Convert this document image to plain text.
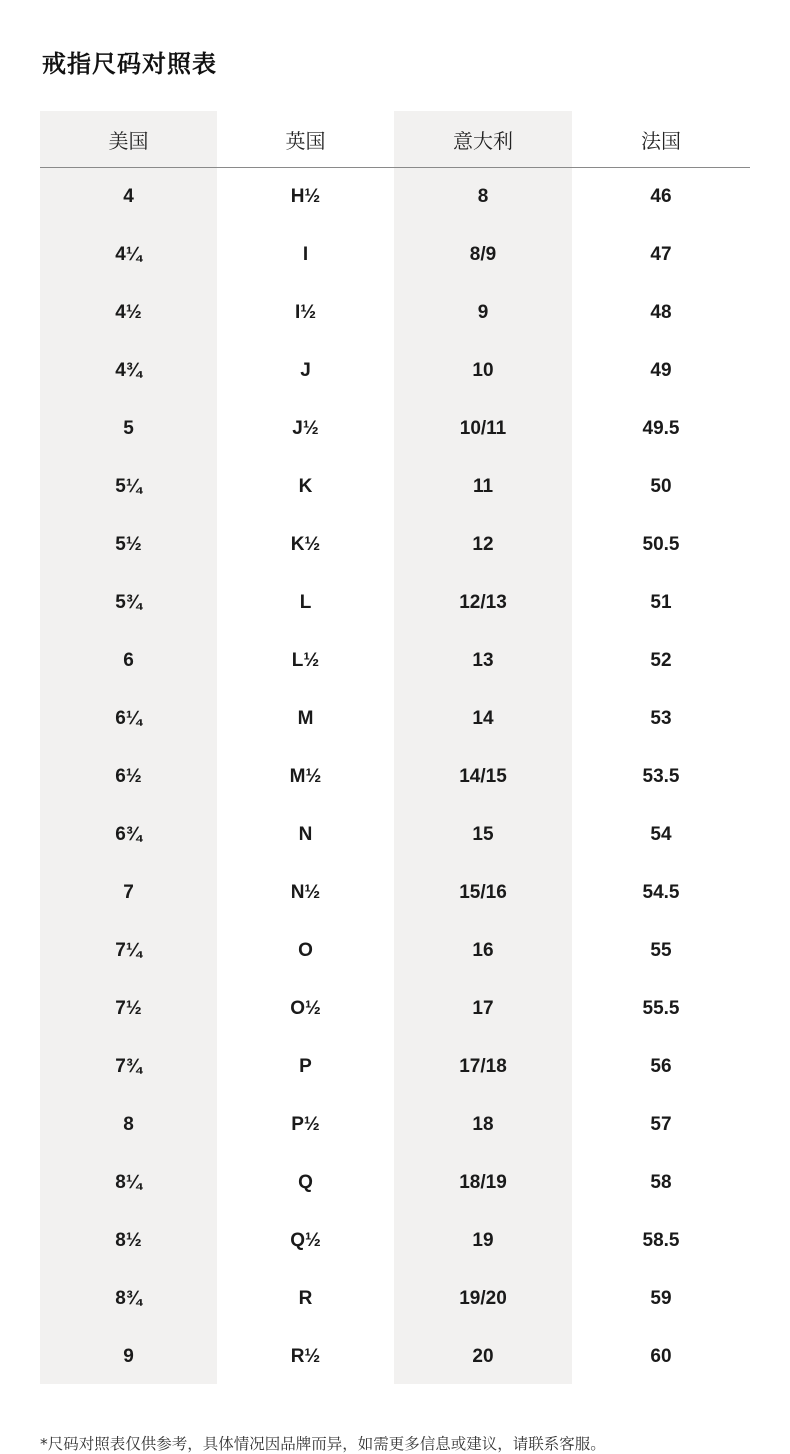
戒指尺码对照表
美国	英国	意大利	法国
4	H½	8	46
4¼	I	8/9	47
4½	I½	9	48
4¾	J	10	49
5	J½	10/11	49.5
5¼	K	11	50
5½	K½	12	50.5
5¾	L	12/13	51
6	L½	13	52
6¼	M	14	53
6½	M½	14/15	53.5
6¾	N	15	54
7	N½	15/16	54.5
7¼	O	16	55
7½	O½	17	55.5
7¾	P	17/18	56
8	P½	18	57
8¼	Q	18/19	58
8½	Q½	19	58.5
8¾	R	19/20	59
9	R½	20	60
*尺码对照表仅供参考，具体情况因品牌而异，如需更多信息或建议，请联系客服。
